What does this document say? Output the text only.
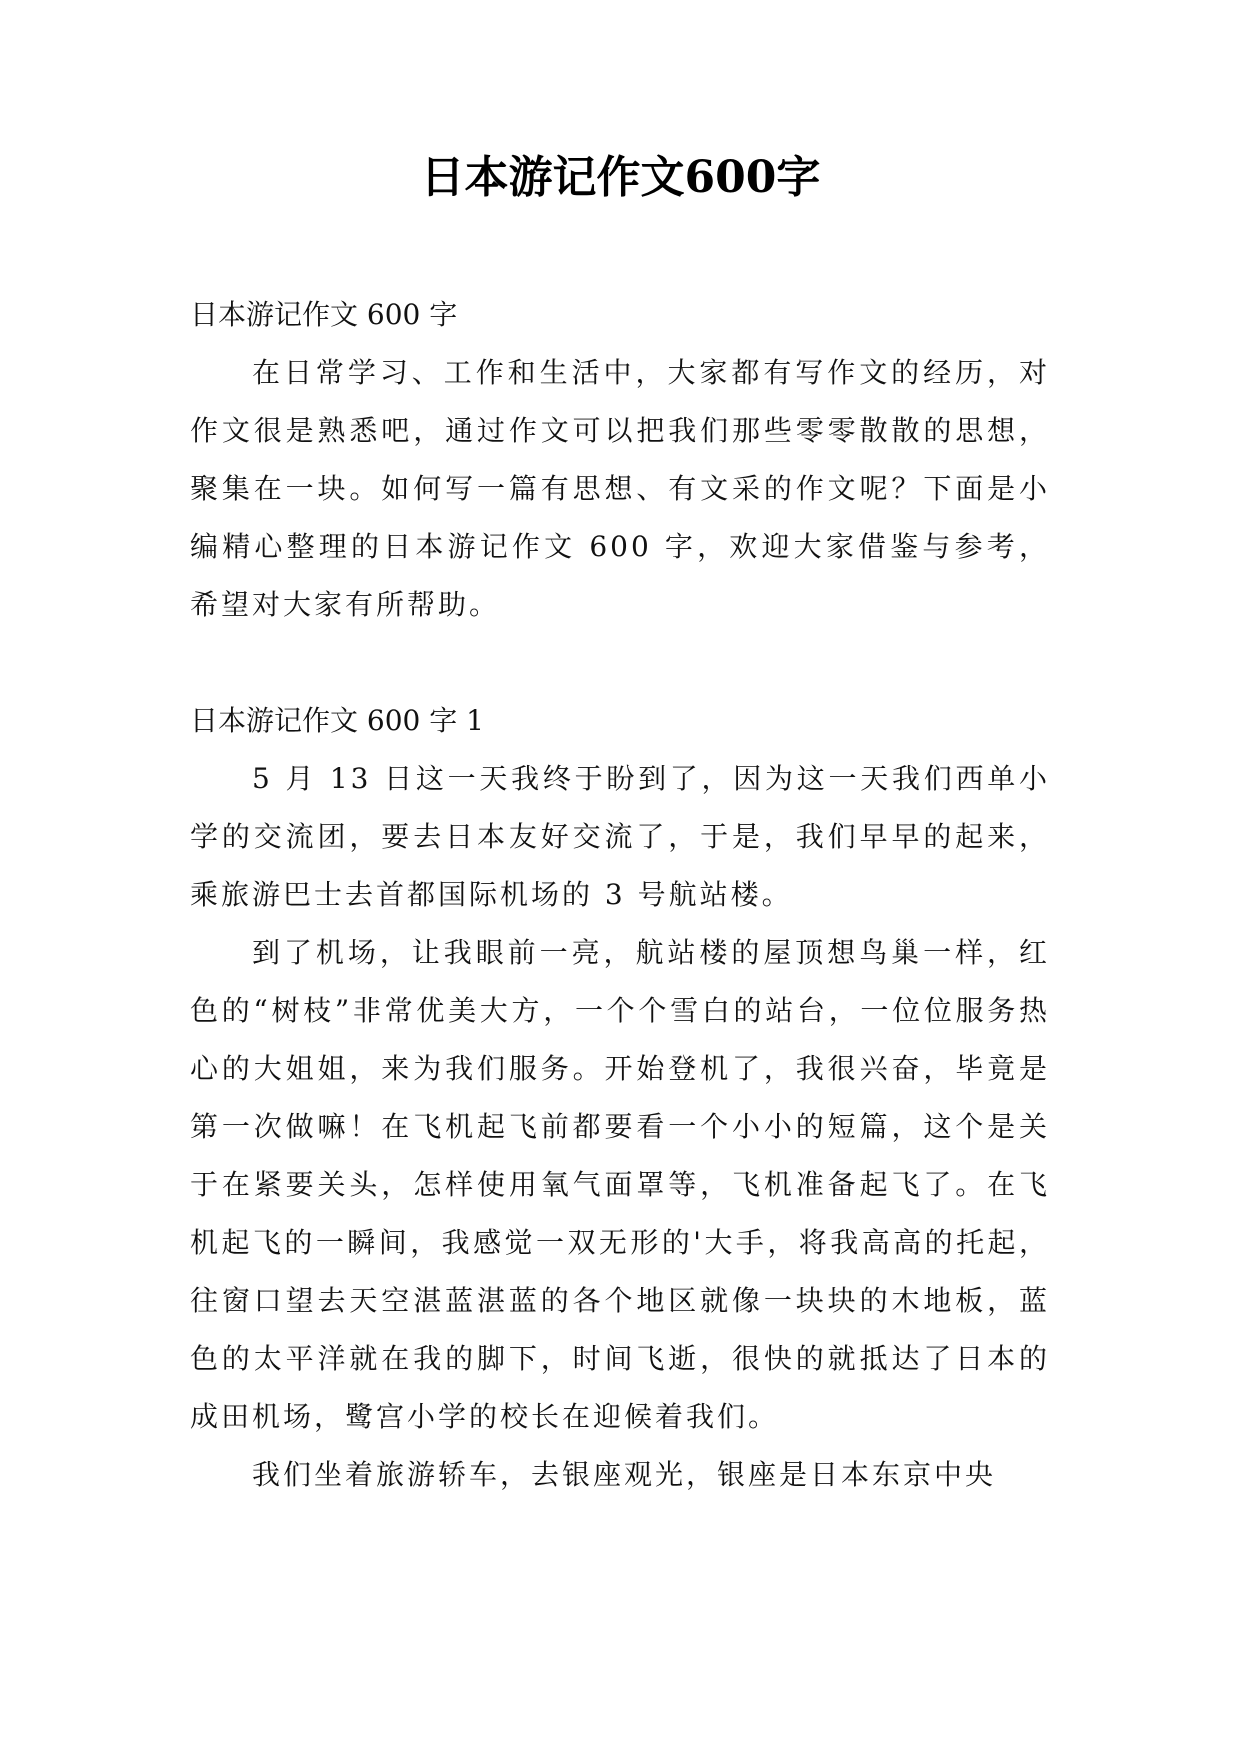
日本游记作文600字

日本游记作文 600 字

在日常学习、工作和生活中，大家都有写作文的经历，对作文很是熟悉吧，通过作文可以把我们那些零零散散的思想，聚集在一块。如何写一篇有思想、有文采的作文呢？下面是小编精心整理的日本游记作文 600 字，欢迎大家借鉴与参考，希望对大家有所帮助。

日本游记作文 600 字 1

5 月 13 日这一天我终于盼到了，因为这一天我们西单小学的交流团，要去日本友好交流了，于是，我们早早的起来，乘旅游巴士去首都国际机场的 3 号航站楼。

到了机场，让我眼前一亮，航站楼的屋顶想鸟巢一样，红色的“树枝”非常优美大方，一个个雪白的站台，一位位服务热心的大姐姐，来为我们服务。开始登机了，我很兴奋，毕竟是第一次做嘛！在飞机起飞前都要看一个小小的短篇，这个是关于在紧要关头，怎样使用氧气面罩等，飞机准备起飞了。在飞机起飞的一瞬间，我感觉一双无形的'大手，将我高高的托起，往窗口望去天空湛蓝湛蓝的各个地区就像一块块的木地板，蓝色的太平洋就在我的脚下，时间飞逝，很快的就抵达了日本的成田机场，鹭宫小学的校长在迎候着我们。

我们坐着旅游轿车，去银座观光，银座是日本东京中央
